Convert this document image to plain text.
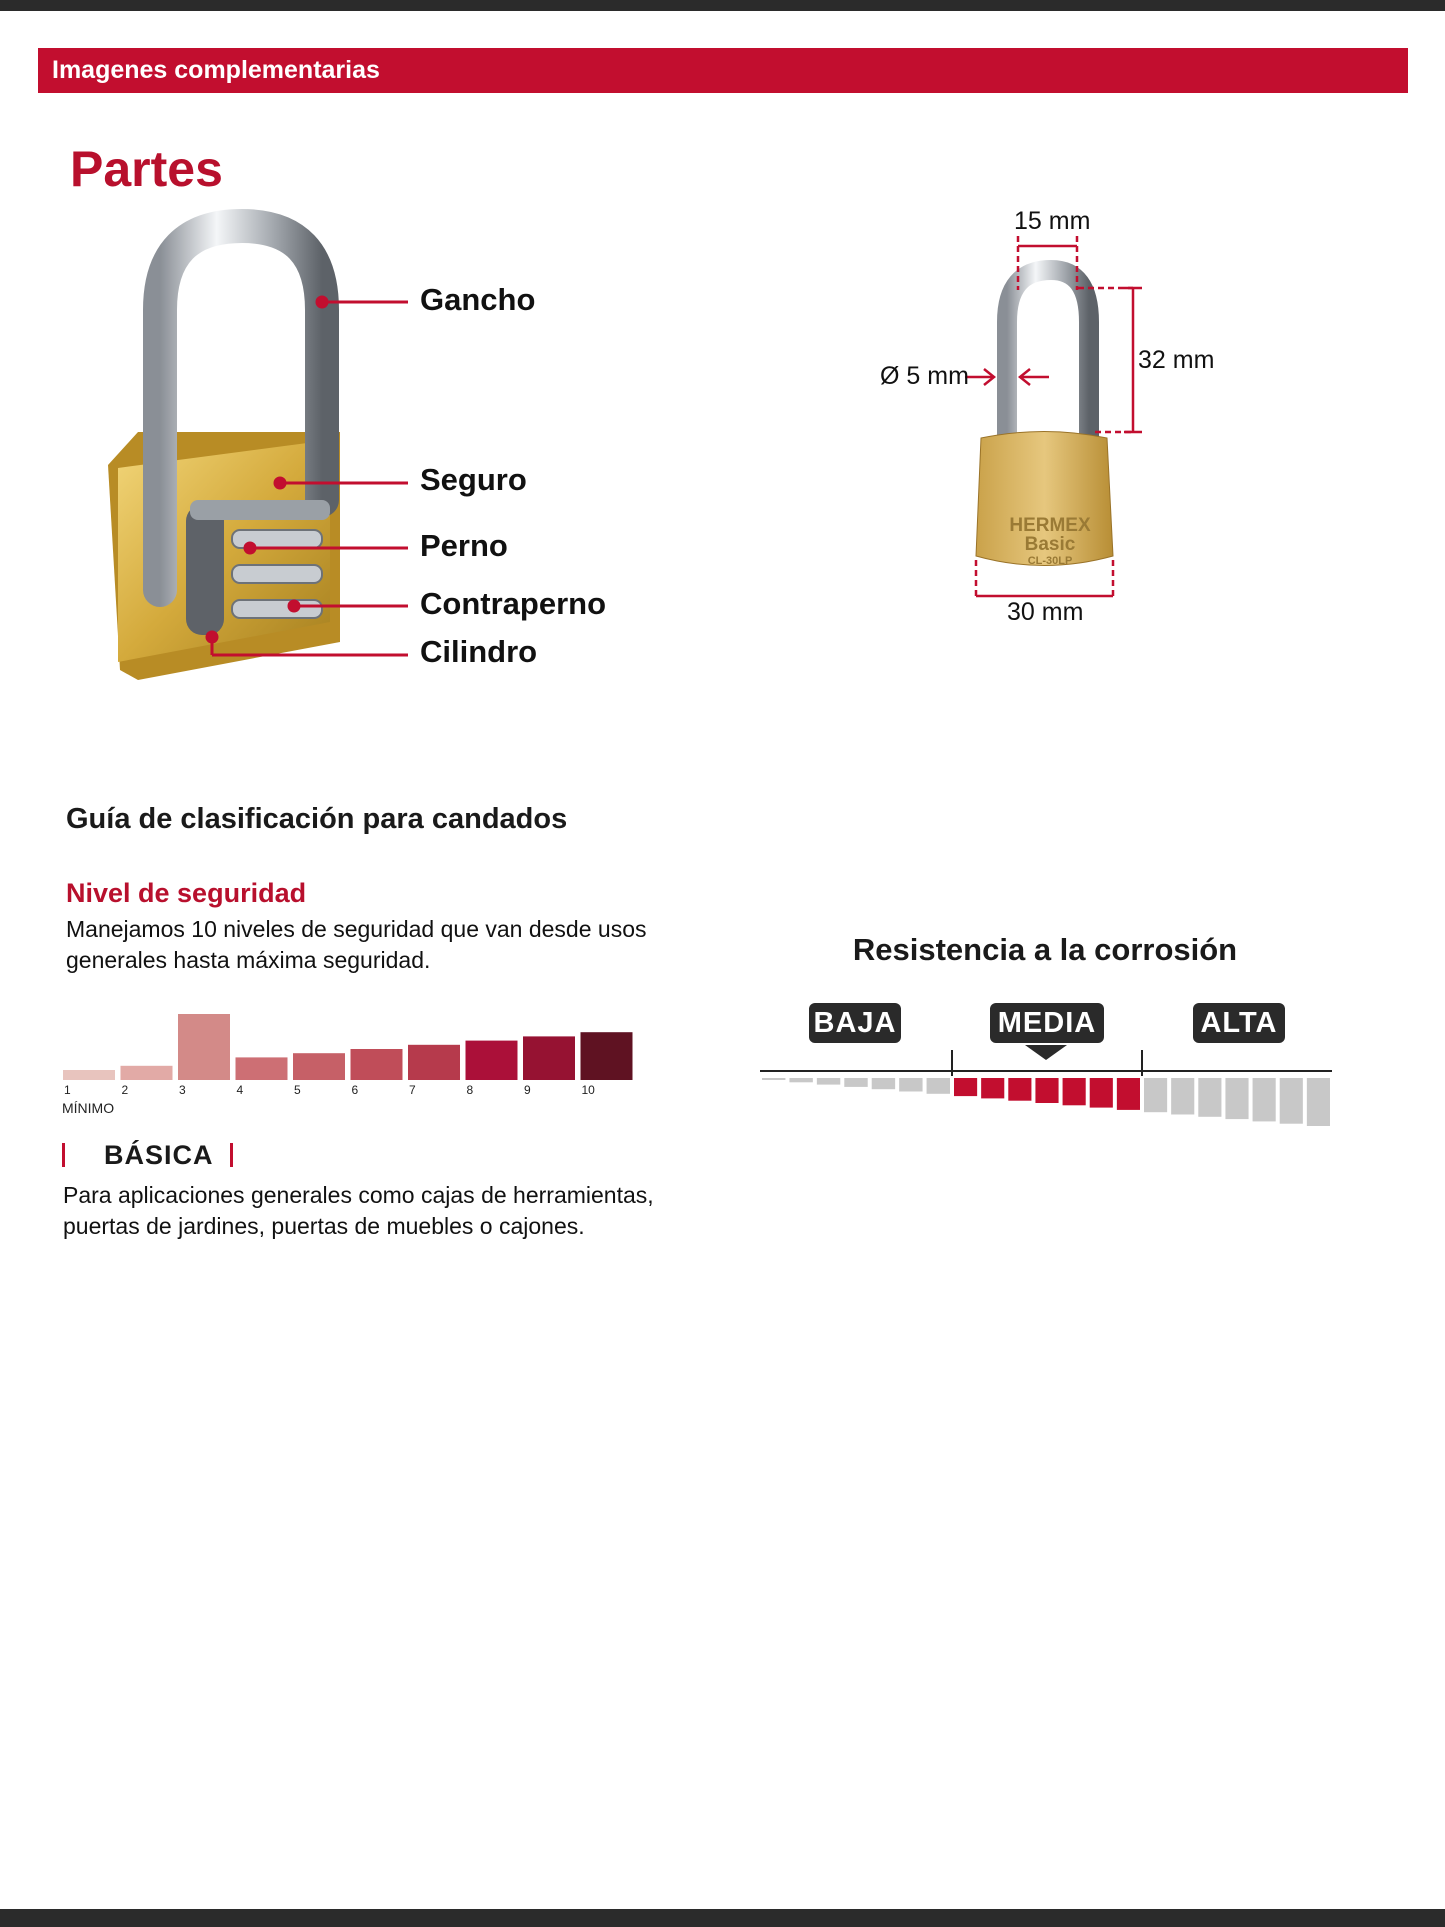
Imagenes complementarias
Partes
HERMEX
Basic
CL-30LP
Gancho
Seguro
Perno
Contraperno
Cilindro
15 mm
32 mm
Ø 5 mm
30 mm
Guía de clasificación para candados
Nivel de seguridad
Manejamos 10 niveles de seguridad que van desde usos
generales hasta máxima seguridad.
1	2	3	4	5	6	7	8	9	10
MÍNIMO
BÁSICA
Para aplicaciones generales como cajas de herramientas,
puertas de jardines, puertas de muebles o cajones.
Resistencia a la corrosión
BAJA	MEDIA	ALTA
